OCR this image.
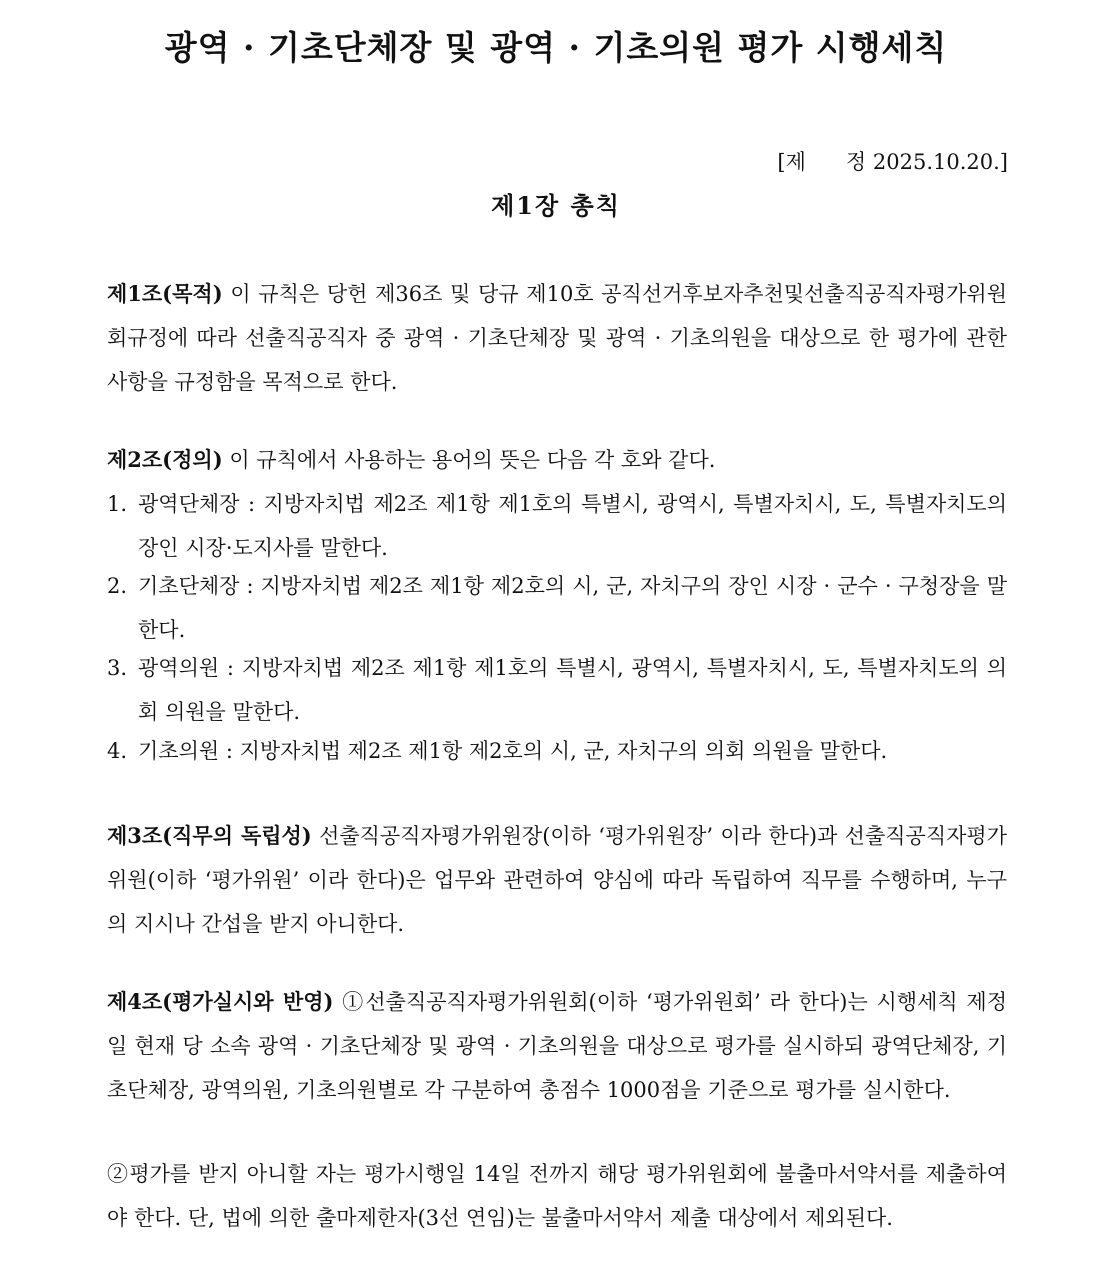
광역 · 기초단체장 및 광역 · 기초의원 평가 시행세칙
[제 정 2025.10.20.]
제1장 총칙
제1조(목적) 이 규칙은 당헌 제36조 및 당규 제10호 공직선거후보자추천및선출직공직자평가위원회규정에 따라 선출직공직자 중 광역 · 기초단체장 및 광역 · 기초의원을 대상으로 한 평가에 관한 사항을 규정함을 목적으로 한다.
제2조(정의) 이 규칙에서 사용하는 용어의 뜻은 다음 각 호와 같다.
1. 광역단체장 : 지방자치법 제2조 제1항 제1호의 특별시, 광역시, 특별자치시, 도, 특별자치도의 장인 시장·도지사를 말한다.
2. 기초단체장 : 지방자치법 제2조 제1항 제2호의 시, 군, 자치구의 장인 시장 · 군수 · 구청장을 말한다.
3. 광역의원 : 지방자치법 제2조 제1항 제1호의 특별시, 광역시, 특별자치시, 도, 특별자치도의 의회 의원을 말한다.
4. 기초의원 : 지방자치법 제2조 제1항 제2호의 시, 군, 자치구의 의회 의원을 말한다.
제3조(직무의 독립성) 선출직공직자평가위원장(이하 ‘평가위원장’ 이라 한다)과 선출직공직자평가위원(이하 ‘평가위원’ 이라 한다)은 업무와 관련하여 양심에 따라 독립하여 직무를 수행하며, 누구의 지시나 간섭을 받지 아니한다.
제4조(평가실시와 반영) ①선출직공직자평가위원회(이하 ‘평가위원회’ 라 한다)는 시행세칙 제정일 현재 당 소속 광역 · 기초단체장 및 광역 · 기초의원을 대상으로 평가를 실시하되 광역단체장, 기초단체장, 광역의원, 기초의원별로 각 구분하여 총점수 1000점을 기준으로 평가를 실시한다.
②평가를 받지 아니할 자는 평가시행일 14일 전까지 해당 평가위원회에 불출마서약서를 제출하여야 한다. 단, 법에 의한 출마제한자(3선 연임)는 불출마서약서 제출 대상에서 제외된다.
